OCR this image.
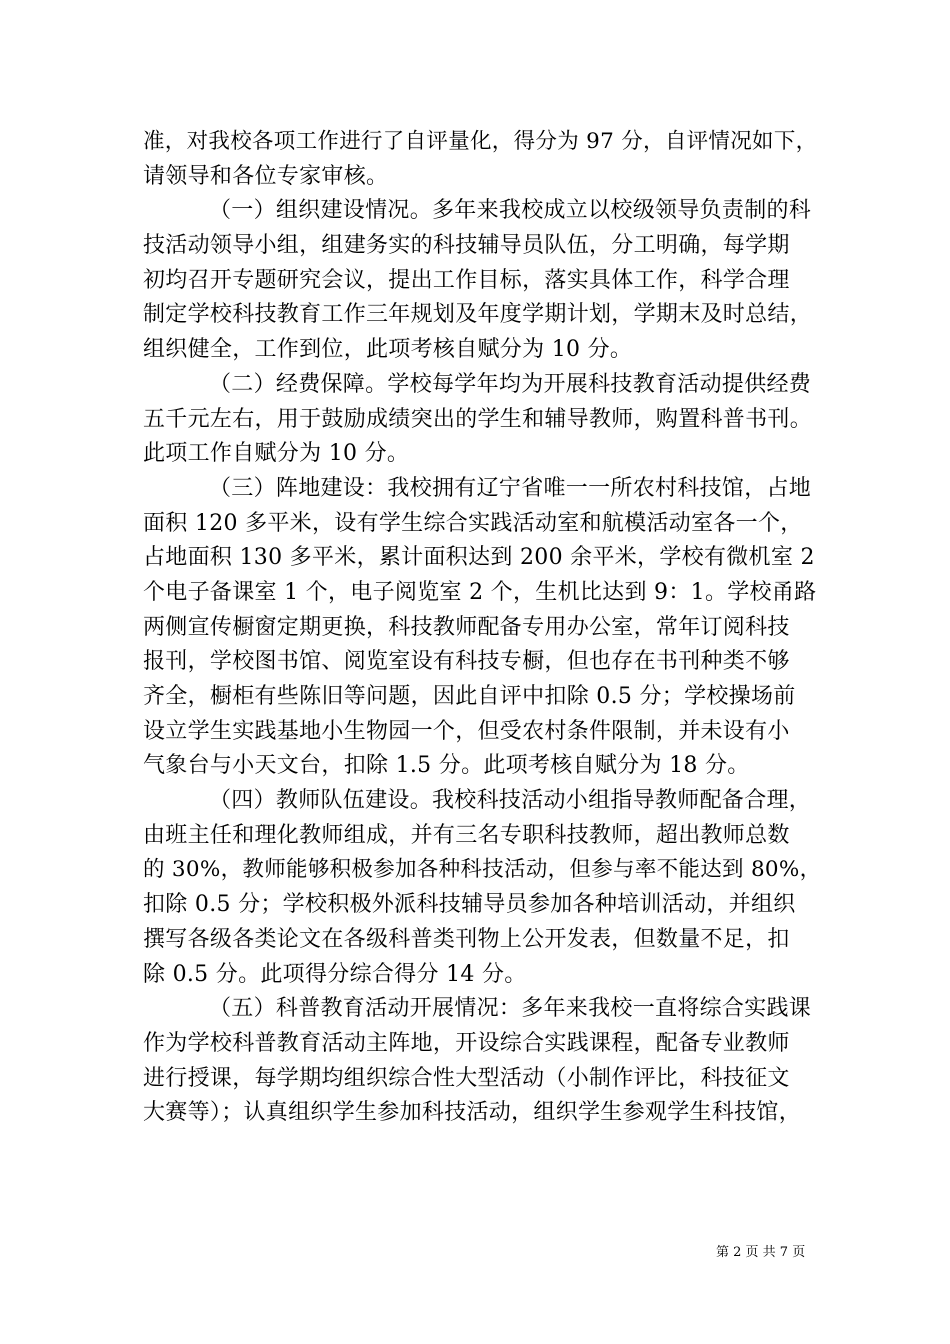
准，对我校各项工作进行了自评量化，得分为 97 分，自评情况如下，
请领导和各位专家审核。
（一）组织建设情况。多年来我校成立以校级领导负责制的科
技活动领导小组，组建务实的科技辅导员队伍，分工明确，每学期
初均召开专题研究会议，提出工作目标，落实具体工作，科学合理
制定学校科技教育工作三年规划及年度学期计划，学期末及时总结，
组织健全，工作到位，此项考核自赋分为 10 分。
（二）经费保障。学校每学年均为开展科技教育活动提供经费
五千元左右，用于鼓励成绩突出的学生和辅导教师，购置科普书刊。
此项工作自赋分为 10 分。
（三）阵地建设：我校拥有辽宁省唯一一所农村科技馆，占地
面积 120 多平米，设有学生综合实践活动室和航模活动室各一个，
占地面积 130 多平米，累计面积达到 200 余平米，学校有微机室 2
个电子备课室 1 个，电子阅览室 2 个，生机比达到 9：1。学校甬路
两侧宣传橱窗定期更换，科技教师配备专用办公室，常年订阅科技
报刊，学校图书馆、阅览室设有科技专橱，但也存在书刊种类不够
齐全，橱柜有些陈旧等问题，因此自评中扣除 0.5 分；学校操场前
设立学生实践基地小生物园一个，但受农村条件限制，并未设有小
气象台与小天文台，扣除 1.5 分。此项考核自赋分为 18 分。
（四）教师队伍建设。我校科技活动小组指导教师配备合理，
由班主任和理化教师组成，并有三名专职科技教师，超出教师总数
的 30%，教师能够积极参加各种科技活动，但参与率不能达到 80%，
扣除 0.5 分；学校积极外派科技辅导员参加各种培训活动，并组织
撰写各级各类论文在各级科普类刊物上公开发表，但数量不足，扣
除 0.5 分。此项得分综合得分 14 分。
（五）科普教育活动开展情况：多年来我校一直将综合实践课
作为学校科普教育活动主阵地，开设综合实践课程，配备专业教师
进行授课，每学期均组织综合性大型活动（小制作评比，科技征文
大赛等）；认真组织学生参加科技活动，组织学生参观学生科技馆，
第 2 页 共 7 页
